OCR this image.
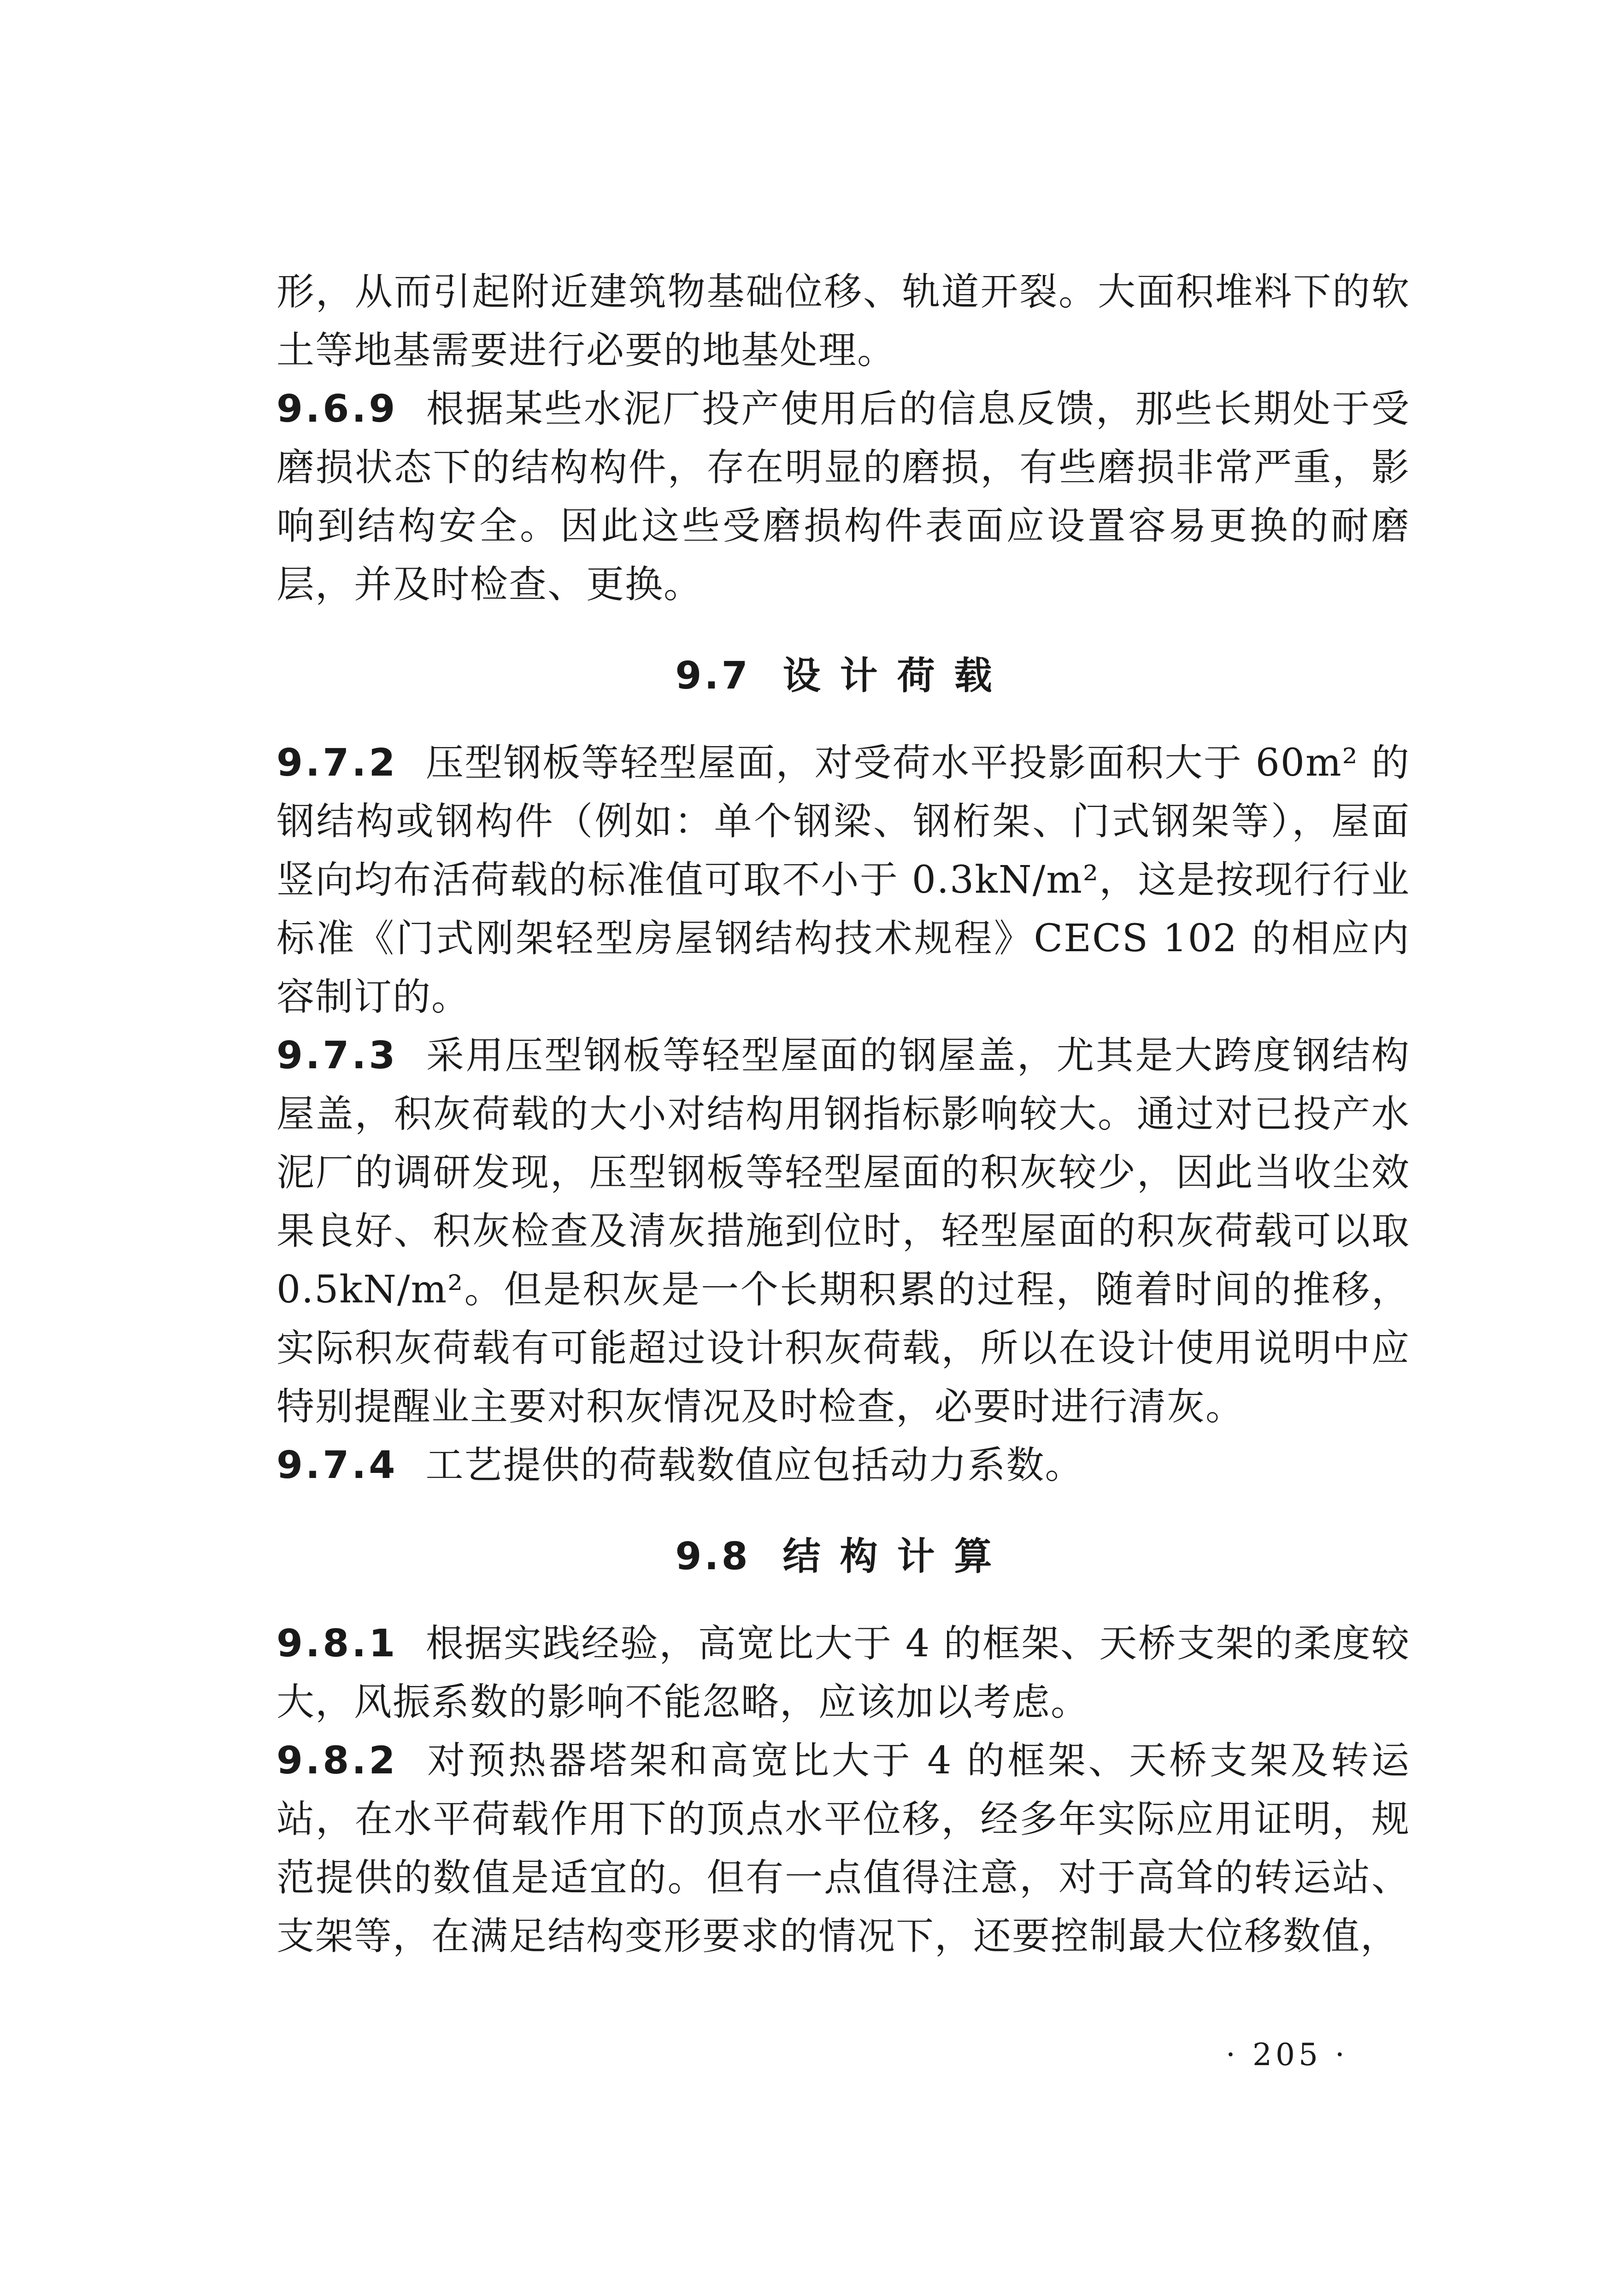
形，从而引起附近建筑物基础位移、轨道开裂。大面积堆料下的软土等地基需要进行必要的地基处理。

9.6.9 根据某些水泥厂投产使用后的信息反馈，那些长期处于受磨损状态下的结构构件，存在明显的磨损，有些磨损非常严重，影响到结构安全。因此这些受磨损构件表面应设置容易更换的耐磨层，并及时检查、更换。

9.7 设计荷载

9.7.2 压型钢板等轻型屋面，对受荷水平投影面积大于 60m² 的钢结构或钢构件（例如：单个钢梁、钢桁架、门式钢架等），屋面竖向均布活荷载的标准值可取不小于 0.3kN/m²，这是按现行行业标准《门式刚架轻型房屋钢结构技术规程》CECS 102 的相应内容制订的。

9.7.3 采用压型钢板等轻型屋面的钢屋盖，尤其是大跨度钢结构屋盖，积灰荷载的大小对结构用钢指标影响较大。通过对已投产水泥厂的调研发现，压型钢板等轻型屋面的积灰较少，因此当收尘效果良好、积灰检查及清灰措施到位时，轻型屋面的积灰荷载可以取 0.5kN/m²。但是积灰是一个长期积累的过程，随着时间的推移，实际积灰荷载有可能超过设计积灰荷载，所以在设计使用说明中应特别提醒业主要对积灰情况及时检查，必要时进行清灰。

9.7.4 工艺提供的荷载数值应包括动力系数。

9.8 结构计算

9.8.1 根据实践经验，高宽比大于 4 的框架、天桥支架的柔度较大，风振系数的影响不能忽略，应该加以考虑。

9.8.2 对预热器塔架和高宽比大于 4 的框架、天桥支架及转运站，在水平荷载作用下的顶点水平位移，经多年实际应用证明，规范提供的数值是适宜的。但有一点值得注意，对于高耸的转运站、支架等，在满足结构变形要求的情况下，还要控制最大位移数值，

· 205 ·
